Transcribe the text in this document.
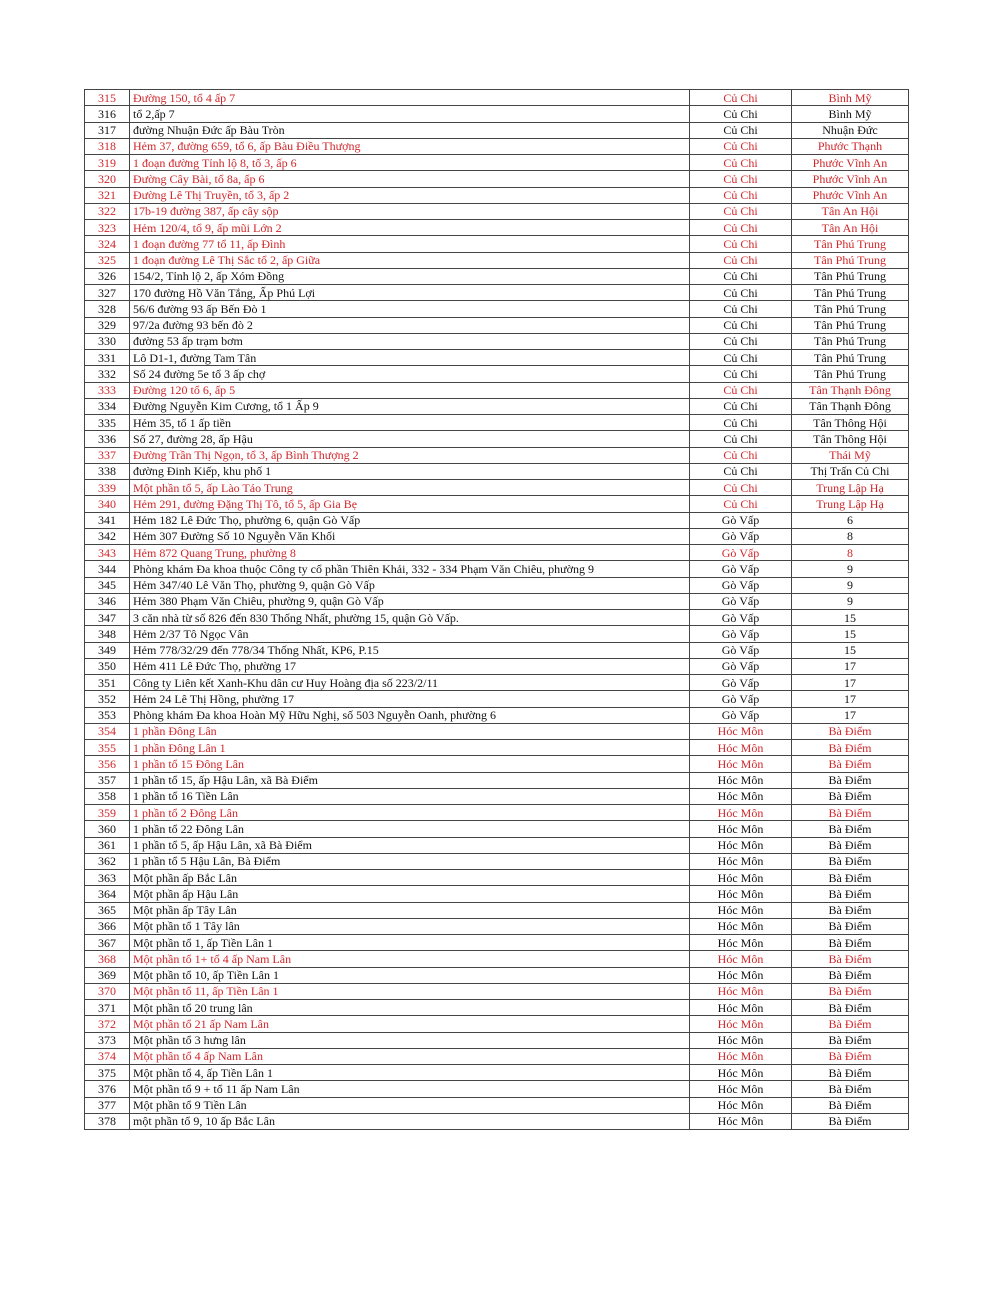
315	Đường 150, tổ 4 ấp 7	Củ Chi	Bình Mỹ
316	tổ 2,ấp 7	Củ Chi	Bình Mỹ
317	đường Nhuận Đức ấp Bàu Tròn	Củ Chi	Nhuận Đức
318	Hẻm 37, đường 659, tổ 6, ấp Bàu Điều Thượng	Củ Chi	Phước Thạnh
319	1 đoạn đường Tỉnh lộ 8, tổ 3, ấp 6	Củ Chi	Phước Vĩnh An
320	Đường Cây Bài, tổ 8a, ấp 6	Củ Chi	Phước Vĩnh An
321	Đường Lê Thị Truyền, tổ 3, ấp 2	Củ Chi	Phước Vĩnh An
322	17b-19 đường 387, ấp cây sộp	Củ Chi	Tân An Hội
323	Hẻm 120/4, tổ 9, ấp mũi Lớn 2	Củ Chi	Tân An Hội
324	1 đoạn đường 77 tổ 11, ấp Đình	Củ Chi	Tân Phú Trung
325	1 đoạn đường Lê Thị Sắc tổ 2, ấp Giữa	Củ Chi	Tân Phú Trung
326	154/2, Tỉnh lộ 2, ấp Xóm Đồng	Củ Chi	Tân Phú Trung
327	170 đường Hồ Văn Tắng, Ấp Phú Lợi	Củ Chi	Tân Phú Trung
328	56/6 đường 93 ấp Bến Đò 1	Củ Chi	Tân Phú Trung
329	97/2a đường 93 bến đò 2	Củ Chi	Tân Phú Trung
330	đường 53 ấp trạm bơm	Củ Chi	Tân Phú Trung
331	Lô D1-1, đường Tam Tân	Củ Chi	Tân Phú Trung
332	Số 24 đường 5e tổ 3 ấp chợ	Củ Chi	Tân Phú Trung
333	Đường 120 tổ 6, ấp 5	Củ Chi	Tân Thạnh Đông
334	Đường Nguyễn Kim Cương, tổ 1 Ấp 9	Củ Chi	Tân Thạnh Đông
335	Hẻm 35, tổ 1 ấp tiền	Củ Chi	Tân Thông Hội
336	Số 27, đường 28, ấp Hậu	Củ Chi	Tân Thông Hội
337	Đường Trần Thị Ngọn, tổ 3, ấp Bình Thượng 2	Củ Chi	Thái Mỹ
338	đường Đinh Kiếp, khu phố 1	Củ Chi	Thị Trấn Củ Chi
339	Một phần tổ 5, ấp Lào Táo Trung	Củ Chi	Trung Lập Hạ
340	Hẻm 291, đường Đặng Thị Tô, tổ 5, ấp Gia Bẹ	Củ Chi	Trung Lập Hạ
341	Hẻm 182 Lê Đức Thọ, phường 6, quận Gò Vấp	Gò Vấp	6
342	Hẻm 307 Đường Số 10 Nguyễn Văn Khối	Gò Vấp	8
343	Hẻm 872 Quang Trung, phường 8	Gò Vấp	8
344	Phòng khám Đa khoa thuộc Công ty cổ phần Thiên Khải, 332 - 334 Phạm Văn Chiêu, phường 9	Gò Vấp	9
345	Hẻm 347/40 Lê Văn Thọ, phường 9, quận Gò Vấp	Gò Vấp	9
346	Hẻm 380 Phạm Văn Chiêu, phường 9, quận Gò Vấp	Gò Vấp	9
347	3 căn nhà từ số 826 đến 830 Thống Nhất, phường 15, quận Gò Vấp.	Gò Vấp	15
348	Hẻm 2/37 Tô Ngọc Vân	Gò Vấp	15
349	Hẻm 778/32/29 đến 778/34 Thống Nhất, KP6, P.15	Gò Vấp	15
350	Hẻm 411 Lê Đức Thọ, phường 17	Gò Vấp	17
351	Công ty Liên kết Xanh-Khu dân cư Huy Hoàng địa số 223/2/11	Gò Vấp	17
352	Hẻm 24 Lê Thị Hồng, phường 17	Gò Vấp	17
353	Phòng khám Đa khoa Hoàn Mỹ Hữu Nghị, số 503 Nguyễn Oanh, phường 6	Gò Vấp	17
354	1 phần Đông Lân	Hóc Môn	Bà Điểm
355	1 phần Đông Lân 1	Hóc Môn	Bà Điểm
356	1 phần tổ 15 Đông Lân	Hóc Môn	Bà Điểm
357	1 phần tổ 15, ấp Hậu Lân, xã Bà Điểm	Hóc Môn	Bà Điểm
358	1 phần tổ 16 Tiền Lân	Hóc Môn	Bà Điểm
359	1 phần tổ 2 Đông Lân	Hóc Môn	Bà Điểm
360	1 phần tổ 22 Đông Lân	Hóc Môn	Bà Điểm
361	1 phần tổ 5, ấp Hậu Lân, xã Bà Điểm	Hóc Môn	Bà Điểm
362	1 phần tổ 5 Hậu Lân, Bà Điểm	Hóc Môn	Bà Điểm
363	Một phần ấp Bắc Lân	Hóc Môn	Bà Điểm
364	Một phần ấp Hậu Lân	Hóc Môn	Bà Điểm
365	Một phần ấp Tây Lân	Hóc Môn	Bà Điểm
366	Một phần tổ 1 Tây lân	Hóc Môn	Bà Điểm
367	Một phần tổ 1, ấp Tiền Lân 1	Hóc Môn	Bà Điểm
368	Một phần tổ 1+ tổ 4 ấp Nam Lân	Hóc Môn	Bà Điểm
369	Một phần tổ 10, ấp Tiền Lân 1	Hóc Môn	Bà Điểm
370	Một phần tổ 11, ấp Tiền Lân 1	Hóc Môn	Bà Điểm
371	Một phần tổ 20 trung lân	Hóc Môn	Bà Điểm
372	Một phần tổ 21 ấp Nam Lân	Hóc Môn	Bà Điểm
373	Một phần tổ 3 hưng lân	Hóc Môn	Bà Điểm
374	Một phần tổ 4 ấp Nam Lân	Hóc Môn	Bà Điểm
375	Một phần tổ 4, ấp Tiền Lân 1	Hóc Môn	Bà Điểm
376	Một phần tổ 9 + tổ 11 ấp Nam Lân	Hóc Môn	Bà Điểm
377	Một phần tổ 9 Tiền Lân	Hóc Môn	Bà Điểm
378	một phần tổ 9, 10 ấp Bắc Lân	Hóc Môn	Bà Điểm
